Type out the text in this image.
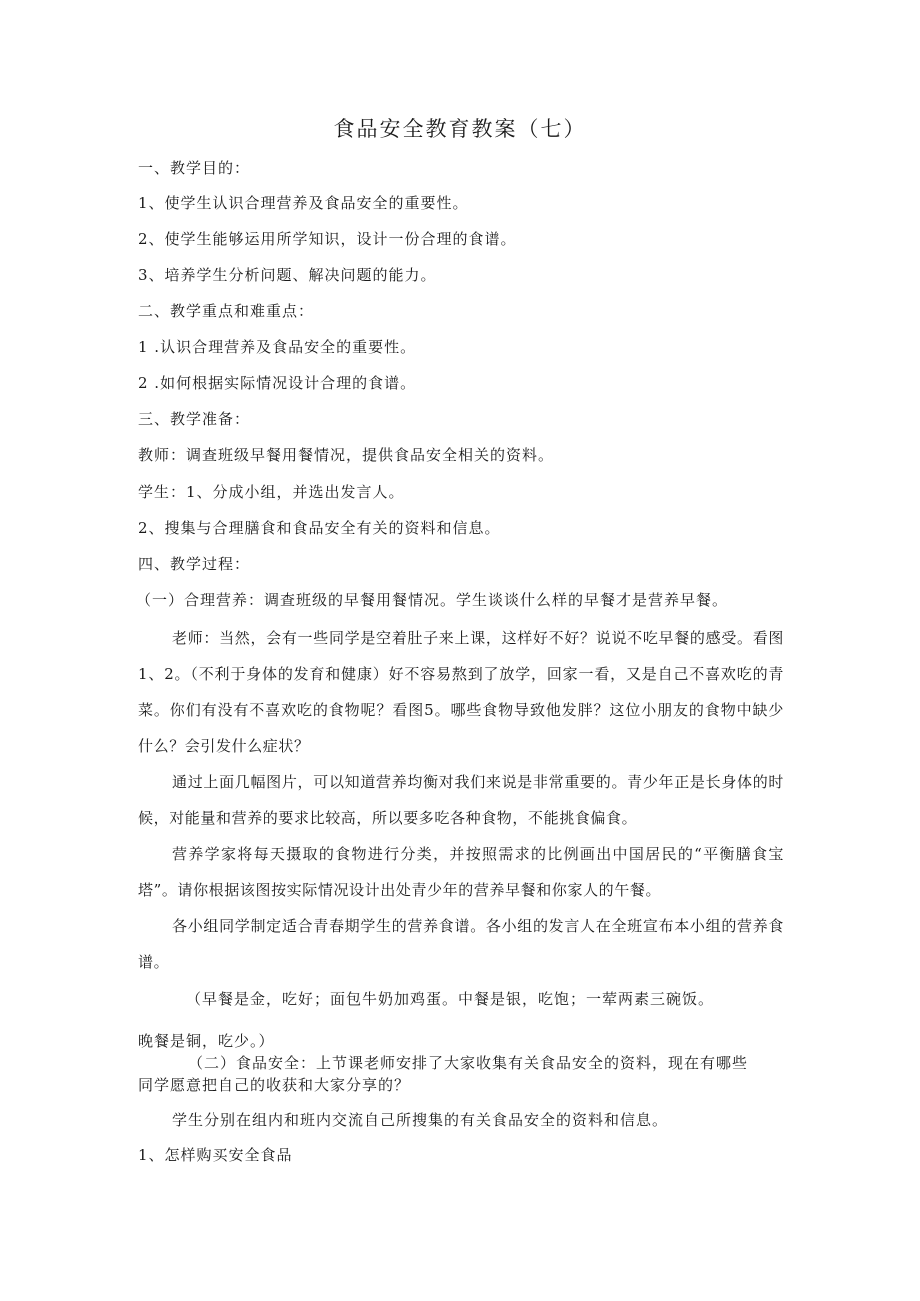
食品安全教育教案（七）
一、教学目的：
1、使学生认识合理营养及食品安全的重要性。
2、使学生能够运用所学知识，设计一份合理的食谱。
3、培养学生分析问题、解决问题的能力。
二、教学重点和难重点：
1 .认识合理营养及食品安全的重要性。
2 .如何根据实际情况设计合理的食谱。
三、教学准备：
教师：调查班级早餐用餐情况，提供食品安全相关的资料。
学生：1、分成小组，并选出发言人。
2、搜集与合理膳食和食品安全有关的资料和信息。
四、教学过程：
（一）合理营养：调查班级的早餐用餐情况。学生谈谈什么样的早餐才是营养早餐。
老师：当然，会有一些同学是空着肚子来上课，这样好不好？说说不吃早餐的感受。看图1、2。（不利于身体的发育和健康）好不容易熬到了放学，回家一看，又是自己不喜欢吃的青菜。你们有没有不喜欢吃的食物呢？看图5。哪些食物导致他发胖？这位小朋友的食物中缺少什么？会引发什么症状？
通过上面几幅图片，可以知道营养均衡对我们来说是非常重要的。青少年正是长身体的时候，对能量和营养的要求比较高，所以要多吃各种食物，不能挑食偏食。
营养学家将每天摄取的食物进行分类，并按照需求的比例画出中国居民的“平衡膳食宝塔”。请你根据该图按实际情况设计出处青少年的营养早餐和你家人的午餐。
各小组同学制定适合青春期学生的营养食谱。各小组的发言人在全班宣布本小组的营养食谱。
（早餐是金，吃好；面包牛奶加鸡蛋。中餐是银，吃饱；一荤两素三碗饭。
晚餐是铜，吃少。）
（二）食品安全：上节课老师安排了大家收集有关食品安全的资料，现在有哪些
同学愿意把自己的收获和大家分享的？
学生分别在组内和班内交流自己所搜集的有关食品安全的资料和信息。
1、怎样购买安全食品
